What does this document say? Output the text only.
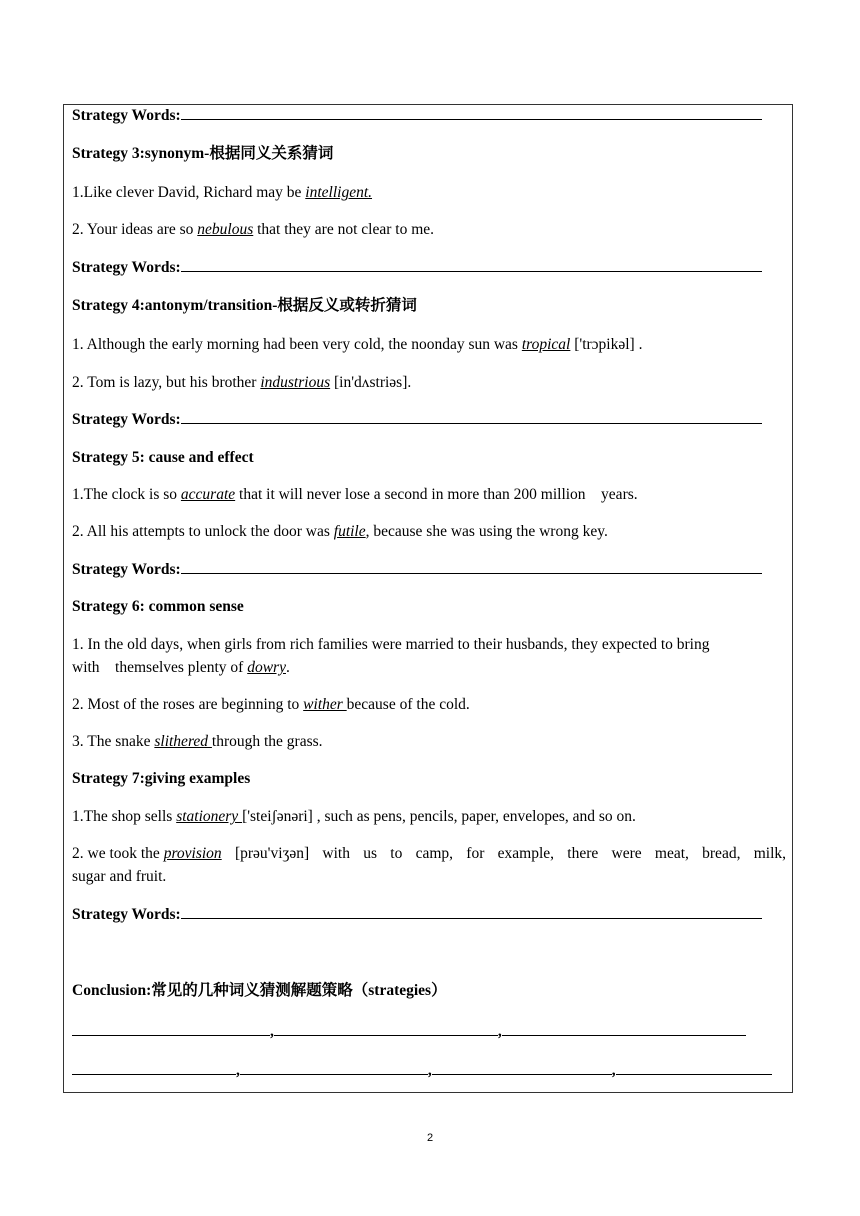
Strategy Words:
Strategy 3:synonym-根据同义关系猜词
1.Like clever David, Richard may be intelligent.
2. Your ideas are so nebulous that they are not clear to me.
Strategy Words:
Strategy 4:antonym/transition-根据反义或转折猜词
1. Although the early morning had been very cold, the noonday sun was tropical ['trɔpikəl] .
2. Tom is lazy, but his brother industrious [in'dʌstriəs].
Strategy Words:
Strategy 5: cause and effect
1.The clock is so accurate that it will never lose a second in more than 200 million    years.
2. All his attempts to unlock the door was futile, because she was using the wrong key.
Strategy Words:
Strategy 6: common sense
1. In the old days, when girls from rich families were married to their husbands, they expected to bring
with    themselves plenty of dowry.
2. Most of the roses are beginning to wither because of the cold.
3. The snake slithered through the grass.
Strategy 7:giving examples
1.The shop sells stationery ['steiʃənəri] , such as pens, pencils, paper, envelopes, and so on.
2. we took the provision [prəu'viʒən] with us to camp, for example, there were meat, bread, milk,
sugar and fruit.
Strategy Words:
Conclusion:常见的几种词义猜测解题策略（strategies）
,	,
,	,	,
2
